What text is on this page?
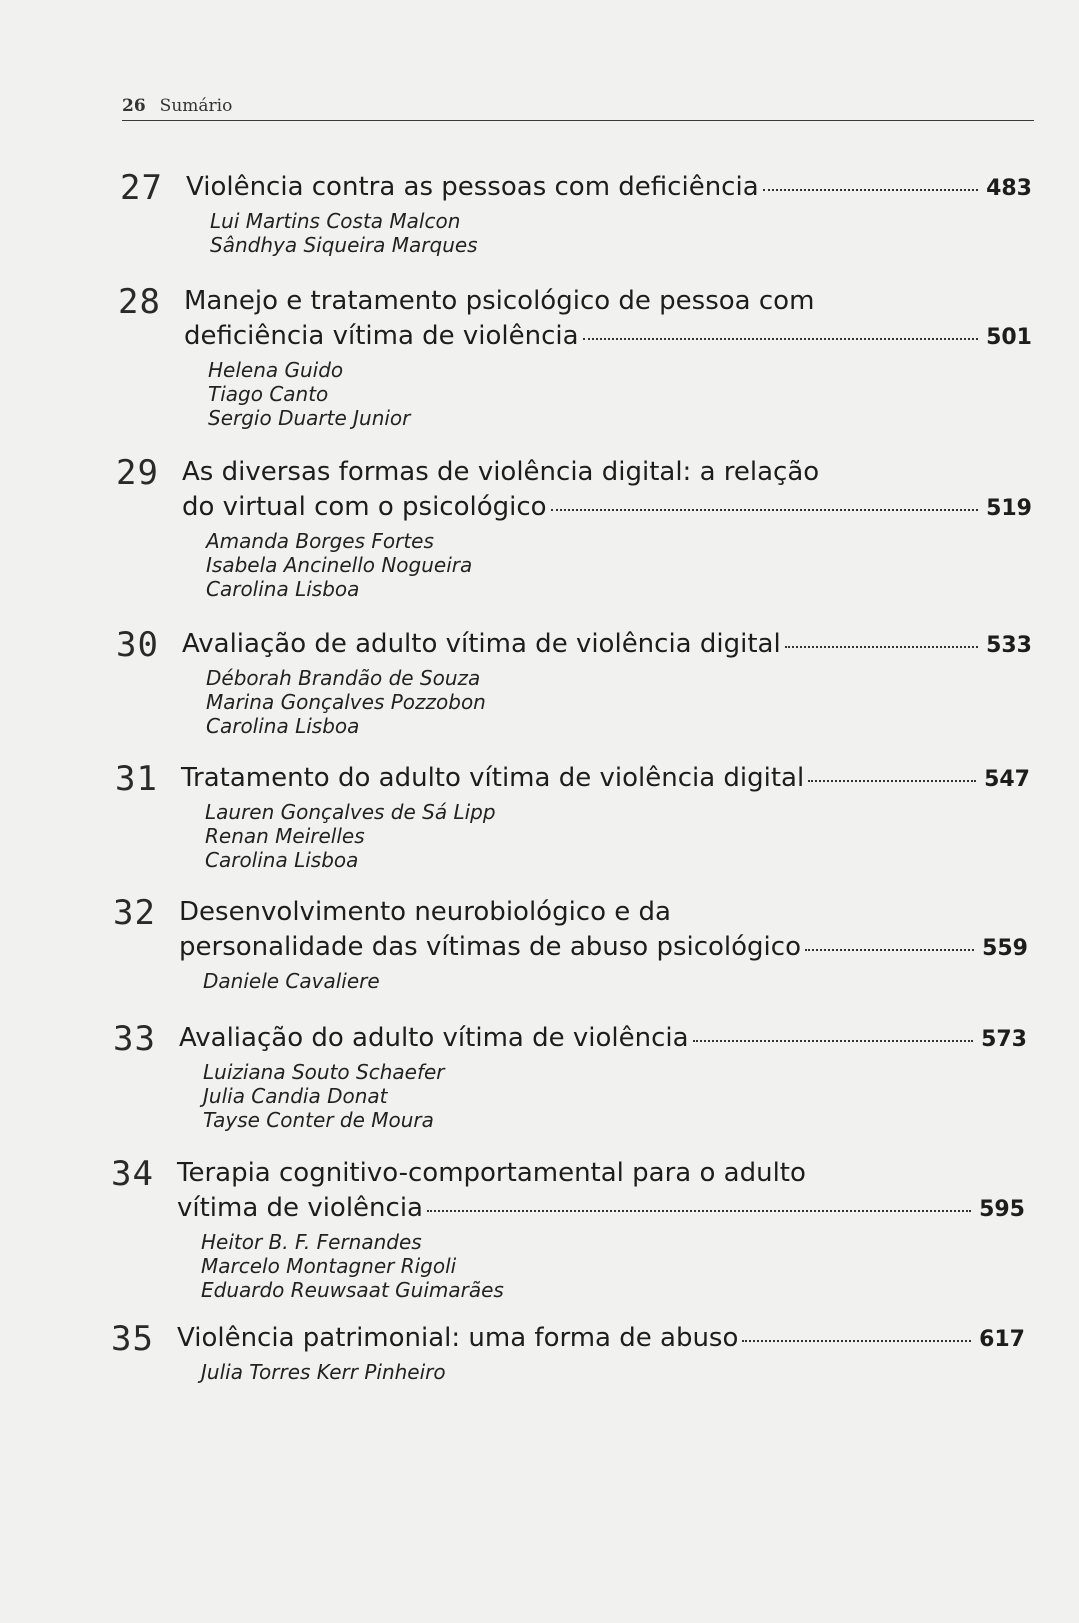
26 Sumário
27 Violência contra as pessoas com deficiência	483
Lui Martins Costa Malcon
Sândhya Siqueira Marques
28 Manejo e tratamento psicológico de pessoa com
deficiência vítima de violência	501
Helena Guido
Tiago Canto
Sergio Duarte Junior
29 As diversas formas de violência digital: a relação
do virtual com o psicológico	519
Amanda Borges Fortes
Isabela Ancinello Nogueira
Carolina Lisboa
30 Avaliação de adulto vítima de violência digital	533
Déborah Brandão de Souza
Marina Gonçalves Pozzobon
Carolina Lisboa
31 Tratamento do adulto vítima de violência digital	547
Lauren Gonçalves de Sá Lipp
Renan Meirelles
Carolina Lisboa
32 Desenvolvimento neurobiológico e da
personalidade das vítimas de abuso psicológico	559
Daniele Cavaliere
33 Avaliação do adulto vítima de violência	573
Luiziana Souto Schaefer
Julia Candia Donat
Tayse Conter de Moura
34 Terapia cognitivo-comportamental para o adulto
vítima de violência	595
Heitor B. F. Fernandes
Marcelo Montagner Rigoli
Eduardo Reuwsaat Guimarães
35 Violência patrimonial: uma forma de abuso	617
Julia Torres Kerr Pinheiro
